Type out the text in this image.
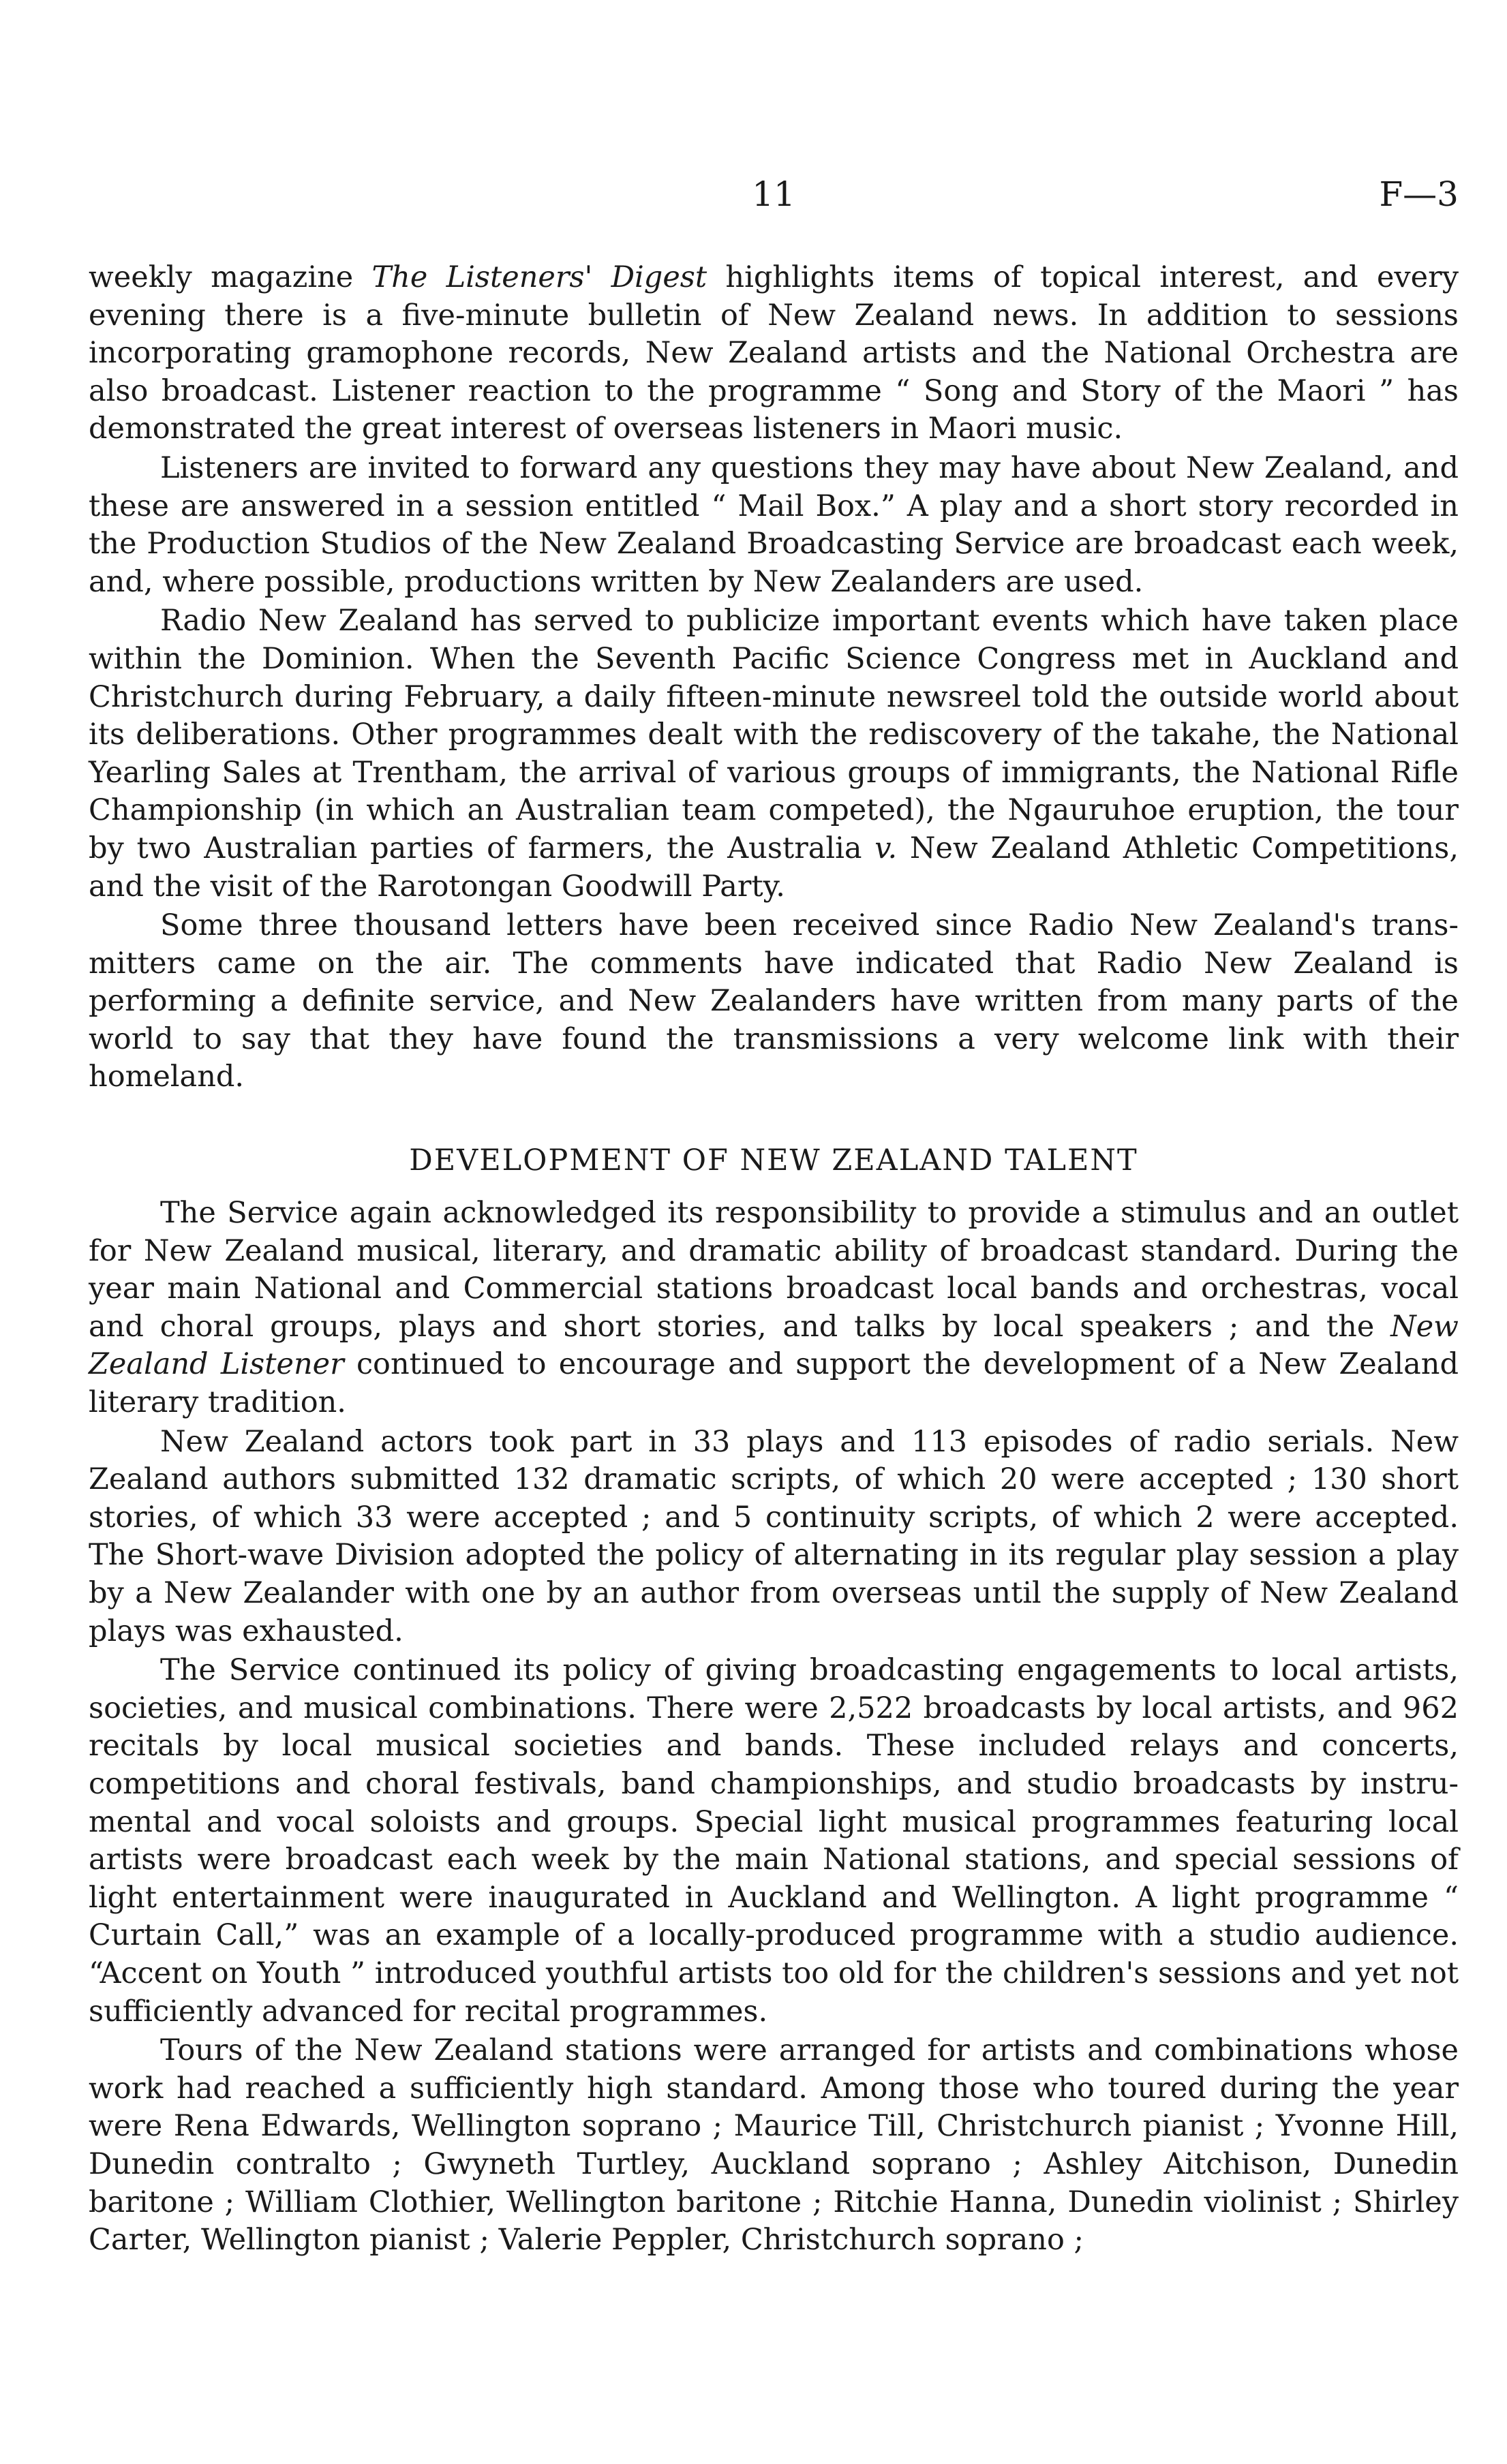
11	F—3

weekly magazine The Listeners' Digest highlights items of topical interest, and every evening there is a five-minute bulletin of New Zealand news. In addition to sessions incorporating gramophone records, New Zealand artists and the National Orchestra are also broadcast. Listener reaction to the programme “ Song and Story of the Maori ” has demonstrated the great interest of overseas listeners in Maori music.

Listeners are invited to forward any questions they may have about New Zealand, and these are answered in a session entitled “ Mail Box.” A play and a short story recorded in the Production Studios of the New Zealand Broadcasting Service are broadcast each week, and, where possible, productions written by New Zealanders are used.

Radio New Zealand has served to publicize important events which have taken place within the Dominion. When the Seventh Pacific Science Congress met in Auckland and Christchurch during February, a daily fifteen-minute newsreel told the outside world about its deliberations. Other programmes dealt with the rediscovery of the takahe, the National Yearling Sales at Trentham, the arrival of various groups of immigrants, the National Rifle Championship (in which an Australian team competed), the Ngauruhoe eruption, the tour by two Australian parties of farmers, the Australia v. New Zealand Athletic Competitions, and the visit of the Rarotongan Goodwill Party.

Some three thousand letters have been received since Radio New Zealand's transmitters came on the air. The comments have indicated that Radio New Zealand is performing a definite service, and New Zealanders have written from many parts of the world to say that they have found the transmissions a very welcome link with their homeland.

DEVELOPMENT OF NEW ZEALAND TALENT

The Service again acknowledged its responsibility to provide a stimulus and an outlet for New Zealand musical, literary, and dramatic ability of broadcast standard. During the year main National and Commercial stations broadcast local bands and orchestras, vocal and choral groups, plays and short stories, and talks by local speakers ; and the New Zealand Listener continued to encourage and support the development of a New Zealand literary tradition.

New Zealand actors took part in 33 plays and 113 episodes of radio serials. New Zealand authors submitted 132 dramatic scripts, of which 20 were accepted ; 130 short stories, of which 33 were accepted ; and 5 continuity scripts, of which 2 were accepted. The Short-wave Division adopted the policy of alternating in its regular play session a play by a New Zealander with one by an author from overseas until the supply of New Zealand plays was exhausted.

The Service continued its policy of giving broadcasting engagements to local artists, societies, and musical combinations. There were 2,522 broadcasts by local artists, and 962 recitals by local musical societies and bands. These included relays and concerts, competitions and choral festivals, band championships, and studio broadcasts by instrumental and vocal soloists and groups. Special light musical programmes featuring local artists were broadcast each week by the main National stations, and special sessions of light entertainment were inaugurated in Auckland and Wellington. A light programme “ Curtain Call,” was an example of a locally-produced programme with a studio audience. “Accent on Youth ” introduced youthful artists too old for the children's sessions and yet not sufficiently advanced for recital programmes.

Tours of the New Zealand stations were arranged for artists and combinations whose work had reached a sufficiently high standard. Among those who toured during the year were Rena Edwards, Wellington soprano ; Maurice Till, Christchurch pianist ; Yvonne Hill, Dunedin contralto ; Gwyneth Turtley, Auckland soprano ; Ashley Aitchison, Dunedin baritone ; William Clothier, Wellington baritone ; Ritchie Hanna, Dunedin violinist ; Shirley Carter, Wellington pianist ; Valerie Peppler, Christchurch soprano ;
